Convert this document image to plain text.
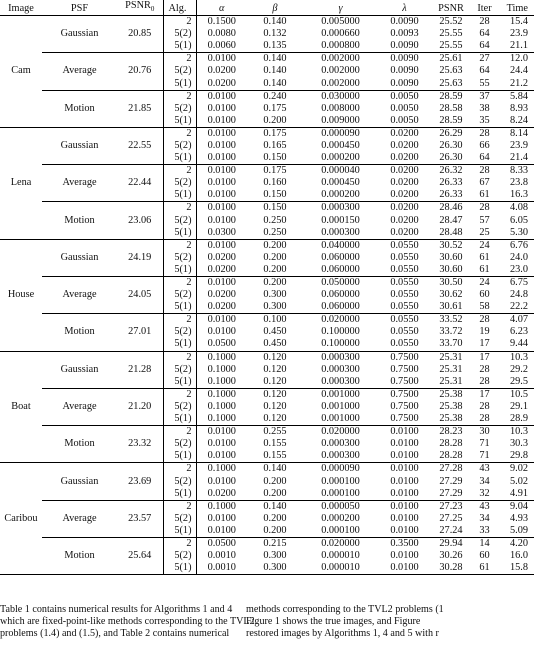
Image	PSF	$PSNR_0$	Alg.	α	β	γ	λ	PSNR	Iter	Time
Cam	Gaussian	20.85	2	0.1500	0.140	0.005000	0.0090	25.52	28	15.4
			5(2)	0.0080	0.132	0.000660	0.0093	25.55	64	23.9
			5(1)	0.0060	0.135	0.000800	0.0090	25.55	64	21.1
	Average	20.76	2	0.0100	0.140	0.002000	0.0090	25.61	27	12.0
			5(2)	0.0200	0.140	0.002000	0.0090	25.63	64	24.4
			5(1)	0.0200	0.140	0.002000	0.0090	25.63	55	21.2
	Motion	21.85	2	0.0100	0.240	0.030000	0.0050	28.59	37	5.84
			5(2)	0.0100	0.175	0.008000	0.0050	28.58	38	8.93
			5(1)	0.0100	0.200	0.009000	0.0050	28.59	35	8.24
Lena	Gaussian	22.55	2	0.0100	0.175	0.000090	0.0200	26.29	28	8.14
			5(2)	0.0100	0.165	0.000450	0.0200	26.30	66	23.9
			5(1)	0.0100	0.150	0.000200	0.0200	26.30	64	21.4
	Average	22.44	2	0.0100	0.175	0.000040	0.0200	26.32	28	8.33
			5(2)	0.0100	0.160	0.000450	0.0200	26.33	67	23.8
			5(1)	0.0100	0.150	0.000200	0.0200	26.33	61	16.3
	Motion	23.06	2	0.0100	0.150	0.000300	0.0200	28.46	28	4.08
			5(2)	0.0100	0.250	0.000150	0.0200	28.47	57	6.05
			5(1)	0.0300	0.250	0.000300	0.0200	28.48	25	5.30
House	Gaussian	24.19	2	0.0100	0.200	0.040000	0.0550	30.52	24	6.76
			5(2)	0.0200	0.200	0.060000	0.0550	30.60	61	24.0
			5(1)	0.0200	0.200	0.060000	0.0550	30.60	61	23.0
	Average	24.05	2	0.0100	0.200	0.050000	0.0550	30.50	24	6.75
			5(2)	0.0200	0.300	0.060000	0.0550	30.62	60	24.8
			5(1)	0.0200	0.300	0.060000	0.0550	30.61	58	22.2
	Motion	27.01	2	0.0100	0.100	0.020000	0.0550	33.52	28	4.07
			5(2)	0.0100	0.450	0.100000	0.0550	33.72	19	6.23
			5(1)	0.0500	0.450	0.100000	0.0550	33.70	17	9.44
Boat	Gaussian	21.28	2	0.1000	0.120	0.000300	0.7500	25.31	17	10.3
			5(2)	0.1000	0.120	0.000300	0.7500	25.31	28	29.2
			5(1)	0.1000	0.120	0.000300	0.7500	25.31	28	29.5
	Average	21.20	2	0.1000	0.120	0.001000	0.7500	25.38	17	10.5
			5(2)	0.1000	0.120	0.001000	0.7500	25.38	28	29.1
			5(1)	0.1000	0.120	0.001000	0.7500	25.38	28	28.9
	Motion	23.32	2	0.0100	0.255	0.020000	0.0100	28.23	30	10.3
			5(2)	0.0100	0.155	0.000300	0.0100	28.28	71	30.3
			5(1)	0.0100	0.155	0.000300	0.0100	28.28	71	29.8
Caribou	Gaussian	23.69	2	0.1000	0.140	0.000090	0.0100	27.28	43	9.02
			5(2)	0.0100	0.200	0.000100	0.0100	27.29	34	5.02
			5(1)	0.0200	0.200	0.000100	0.0100	27.29	32	4.91
	Average	23.57	2	0.1000	0.140	0.000050	0.0100	27.23	43	9.04
			5(2)	0.0100	0.200	0.000200	0.0100	27.25	34	4.93
			5(1)	0.0100	0.200	0.000100	0.0100	27.24	33	5.09
	Motion	25.64	2	0.0500	0.215	0.020000	0.3500	29.94	14	4.20
			5(2)	0.0010	0.300	0.000010	0.0100	30.26	60	16.0
			5(1)	0.0010	0.300	0.000010	0.0100	30.28	61	15.8
Table 1 contains numerical results for Algorithms 1 and 4
which are fixed-point-like methods corresponding to the TVL2
problems (1.4) and (1.5), and Table 2 contains numerical
methods corresponding to the TVL2 problems (1
Figure 1 shows the true images, and Figure
restored images by Algorithms 1, 4 and 5 with r
